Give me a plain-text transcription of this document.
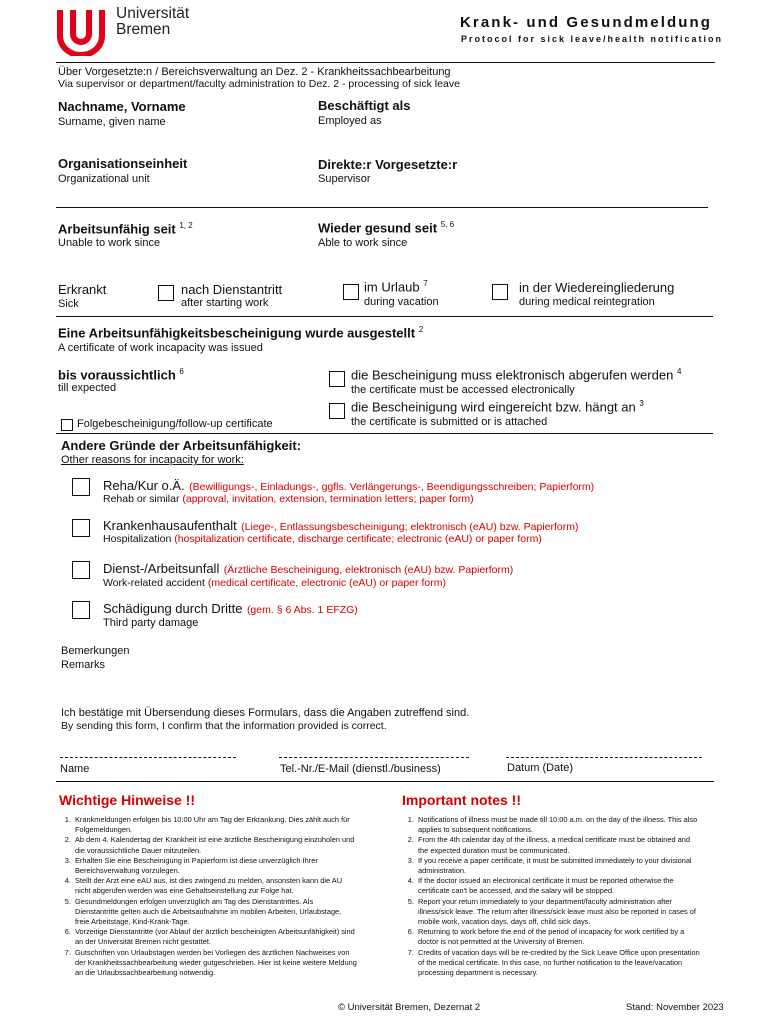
Universität
Bremen	Krank- und Gesundmeldung
Protocol for sick leave/health notification
Über Vorgesetzte:n / Bereichsverwaltung an Dez. 2 - Krankheitssachbearbeitung
Via supervisor or department/faculty administration to Dez. 2 - processing of sick leave
Nachname, Vorname
Surname, given name
Beschäftigt als
Employed as
Organisationseinheit
Organizational unit
Direkte:r Vorgesetzte:r
Supervisor
Arbeitsunfähig seit $^{1, 2}$
Unable to work since
Wieder gesund seit $^{5, 6}$
Able to work since
Erkrankt
Sick
nach Dienstantritt
after starting work
im Urlaub $^7$
during vacation
in der Wiedereingliederung
during medical reintegration
Eine Arbeitsunfähigkeitsbescheinigung wurde ausgestellt $^2$
A certificate of work incapacity was issued
bis voraussichtlich $^6$
till expected
Folgebescheinigung/follow-up certificate
die Bescheinigung muss elektronisch abgerufen werden $^4$
the certificate must be accessed electronically
die Bescheinigung wird eingereicht bzw. hängt an $^3$
the certificate is submitted or is attached
Andere Gründe der Arbeitsunfähigkeit:
Other reasons for incapacity for work:
Reha/Kur o.Ä. (Bewilligungs-, Einladungs-, ggfls. Verlängerungs-, Beendigungsschreiben; Papierform)
Rehab or similar (approval, invitation, extension, termination letters; paper form)
Krankenhausaufenthalt (Liege-, Entlassungsbescheinigung; elektronisch (eAU) bzw. Papierform)
Hospitalization (hospitalization certificate, discharge certificate; electronic (eAU) or paper form)
Dienst-/Arbeitsunfall (Ärztliche Bescheinigung, elektronisch (eAU) bzw. Papierform)
Work-related accident (medical certificate, electronic (eAU) or paper form)
Schädigung durch Dritte (gem. § 6 Abs. 1 EFZG)
Third party damage
Bemerkungen
Remarks
Ich bestätige mit Übersendung dieses Formulars, dass die Angaben zutreffend sind.
By sending this form, I confirm that the information provided is correct.
Name	Tel.-Nr./E-Mail (dienstl./business)	Datum (Date)
Wichtige Hinweise !!
1. Krankmeldungen erfolgen bis 10:00 Uhr am Tag der Erkrankung. Dies zählt auch für Folgemeldungen.
2. Ab dem 4. Kalendertag der Krankheit ist eine ärztliche Bescheinigung einzuholen und die voraussichtliche Dauer mitzuteilen.
3. Erhalten Sie eine Bescheinigung in Papierform ist diese unverzüglich Ihrer Bereichsverwaltung vorzulegen.
4. Stellt der Arzt eine eAU aus, ist dies zwingend zu melden, ansonsten kann die AU nicht abgerufen werden was eine Gehaltseinstellung zur Folge hat.
5. Gesundmeldungen erfolgen unverzüglich am Tag des Dienstantrittes. Als Dienstantritte gelten auch die Arbeitsaufnahme im mobilen Arbeiten, Urlaubstage, freie Arbeitstage, Kind-Krank-Tage.
6. Vorzeitige Dienstantritte (vor Ablauf der ärztlich bescheinigten Arbeitsunfähigkeit) sind an der Universität Bremen nicht gestattet.
7. Gutschriften von Urlaubstagen werden bei Vorliegen des ärztlichen Nachweises von der Krankheitssachbearbeitung wieder gutgeschrieben. Hier ist keine weitere Meldung an die Urlaubssachbearbeitung notwendig.
Important notes !!
1. Notifications of illness must be made till 10:00 a.m. on the day of the illness. This also applies to subsequent notifications.
2. From the 4th calendar day of the illness, a medical certificate must be obtained and the expected duration must be communicated.
3. If you receive a paper certificate, it must be submitted immediately to your divisional administration.
4. If the doctor issued an electronical certificate it must be reported otherwise the certificate can't be accessed, and the salary will be stopped.
5. Report your return immediately to your department/faculty administration after illness/sick leave. The return after illness/sick leave must also be reported in cases of mobile work, vacation days, days off, child sick days.
6. Returning to work before the end of the period of incapacity for work certified by a doctor is not permitted at the University of Bremen.
7. Credits of vacation days will be re-credited by the Sick Leave Office upon presentation of the medical certificate. In this case, no further notification to the leave/vacation processing department is necessary.
© Universität Bremen, Dezernat 2	Stand: November 2023
